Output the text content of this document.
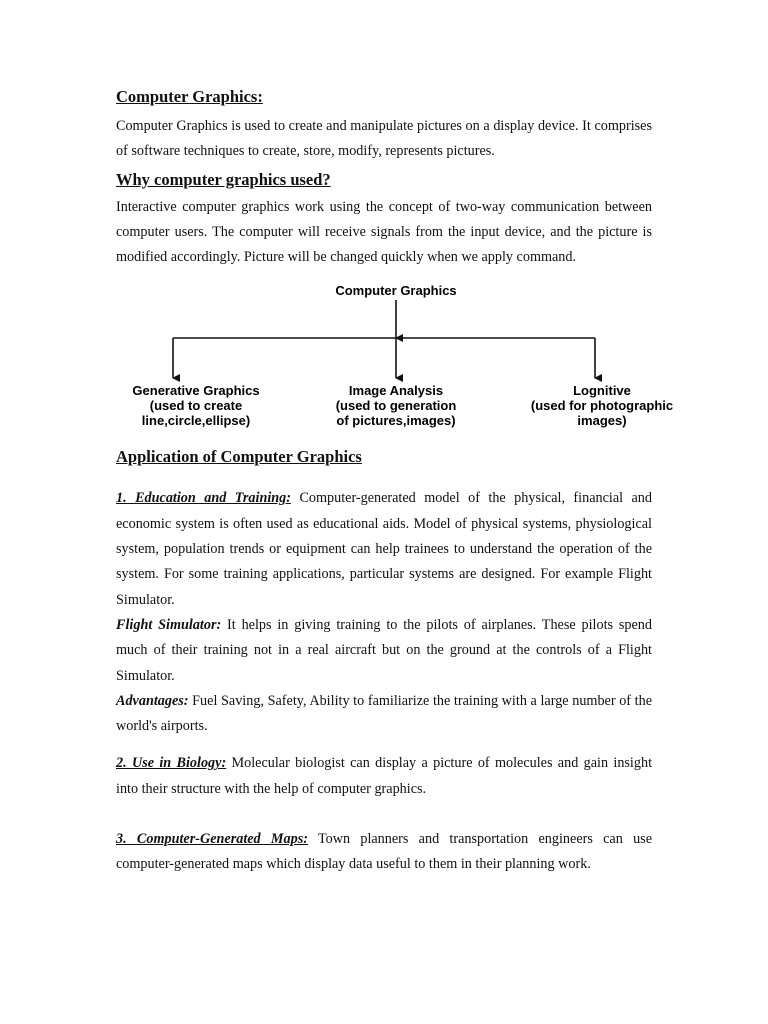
Computer Graphics:

Computer Graphics is used to create and manipulate pictures on a display device. It comprises of software techniques to create, store, modify, represents pictures.

Why computer graphics used?

Interactive computer graphics work using the concept of two-way communication between computer users. The computer will receive signals from the input device, and the picture is modified accordingly. Picture will be changed quickly when we apply command.

Computer Graphics
Generative Graphics
(used to create
line,circle,ellipse)
Image Analysis
(used to generation
of pictures,images)
Lognitive
(used for photographic
images)
Application of Computer Graphics

1. Education and Training: Computer-generated model of the physical, financial and economic system is often used as educational aids. Model of physical systems, physiological system, population trends or equipment can help trainees to understand the operation of the system. For some training applications, particular systems are designed. For example Flight Simulator.

Flight Simulator: It helps in giving training to the pilots of airplanes. These pilots spend much of their training not in a real aircraft but on the ground at the controls of a Flight Simulator.

Advantages: Fuel Saving, Safety, Ability to familiarize the training with a large number of the world's airports.

2. Use in Biology: Molecular biologist can display a picture of molecules and gain insight into their structure with the help of computer graphics.

3. Computer-Generated Maps: Town planners and transportation engineers can use computer-generated maps which display data useful to them in their planning work.
